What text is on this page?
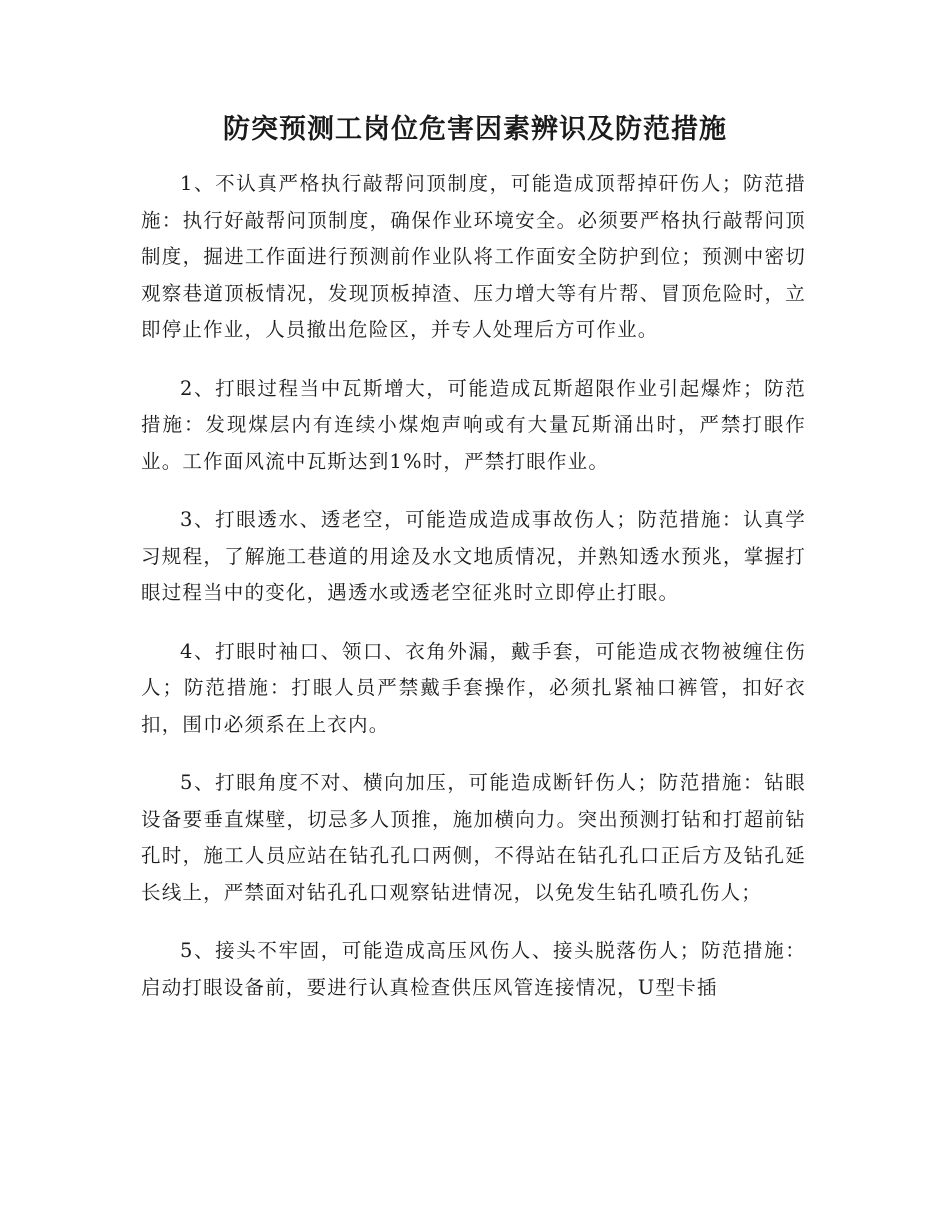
防突预测工岗位危害因素辨识及防范措施

1、不认真严格执行敲帮问顶制度，可能造成顶帮掉矸伤人；防范措施：执行好敲帮问顶制度，确保作业环境安全。必须要严格执行敲帮问顶制度，掘进工作面进行预测前作业队将工作面安全防护到位；预测中密切观察巷道顶板情况，发现顶板掉渣、压力增大等有片帮、冒顶危险时，立即停止作业，人员撤出危险区，并专人处理后方可作业。

2、打眼过程当中瓦斯增大，可能造成瓦斯超限作业引起爆炸；防范措施：发现煤层内有连续小煤炮声响或有大量瓦斯涌出时，严禁打眼作业。工作面风流中瓦斯达到1%时，严禁打眼作业。

3、打眼透水、透老空，可能造成造成事故伤人；防范措施：认真学习规程，了解施工巷道的用途及水文地质情况，并熟知透水预兆，掌握打眼过程当中的变化，遇透水或透老空征兆时立即停止打眼。

4、打眼时袖口、领口、衣角外漏，戴手套，可能造成衣物被缠住伤人；防范措施：打眼人员严禁戴手套操作，必须扎紧袖口裤管，扣好衣扣，围巾必须系在上衣内。

5、打眼角度不对、横向加压，可能造成断钎伤人；防范措施：钻眼设备要垂直煤壁，切忌多人顶推，施加横向力。突出预测打钻和打超前钻孔时，施工人员应站在钻孔孔口两侧，不得站在钻孔孔口正后方及钻孔延长线上，严禁面对钻孔孔口观察钻进情况，以免发生钻孔喷孔伤人；

5、接头不牢固，可能造成高压风伤人、接头脱落伤人；防范措施：启动打眼设备前，要进行认真检查供压风管连接情况，U型卡插
